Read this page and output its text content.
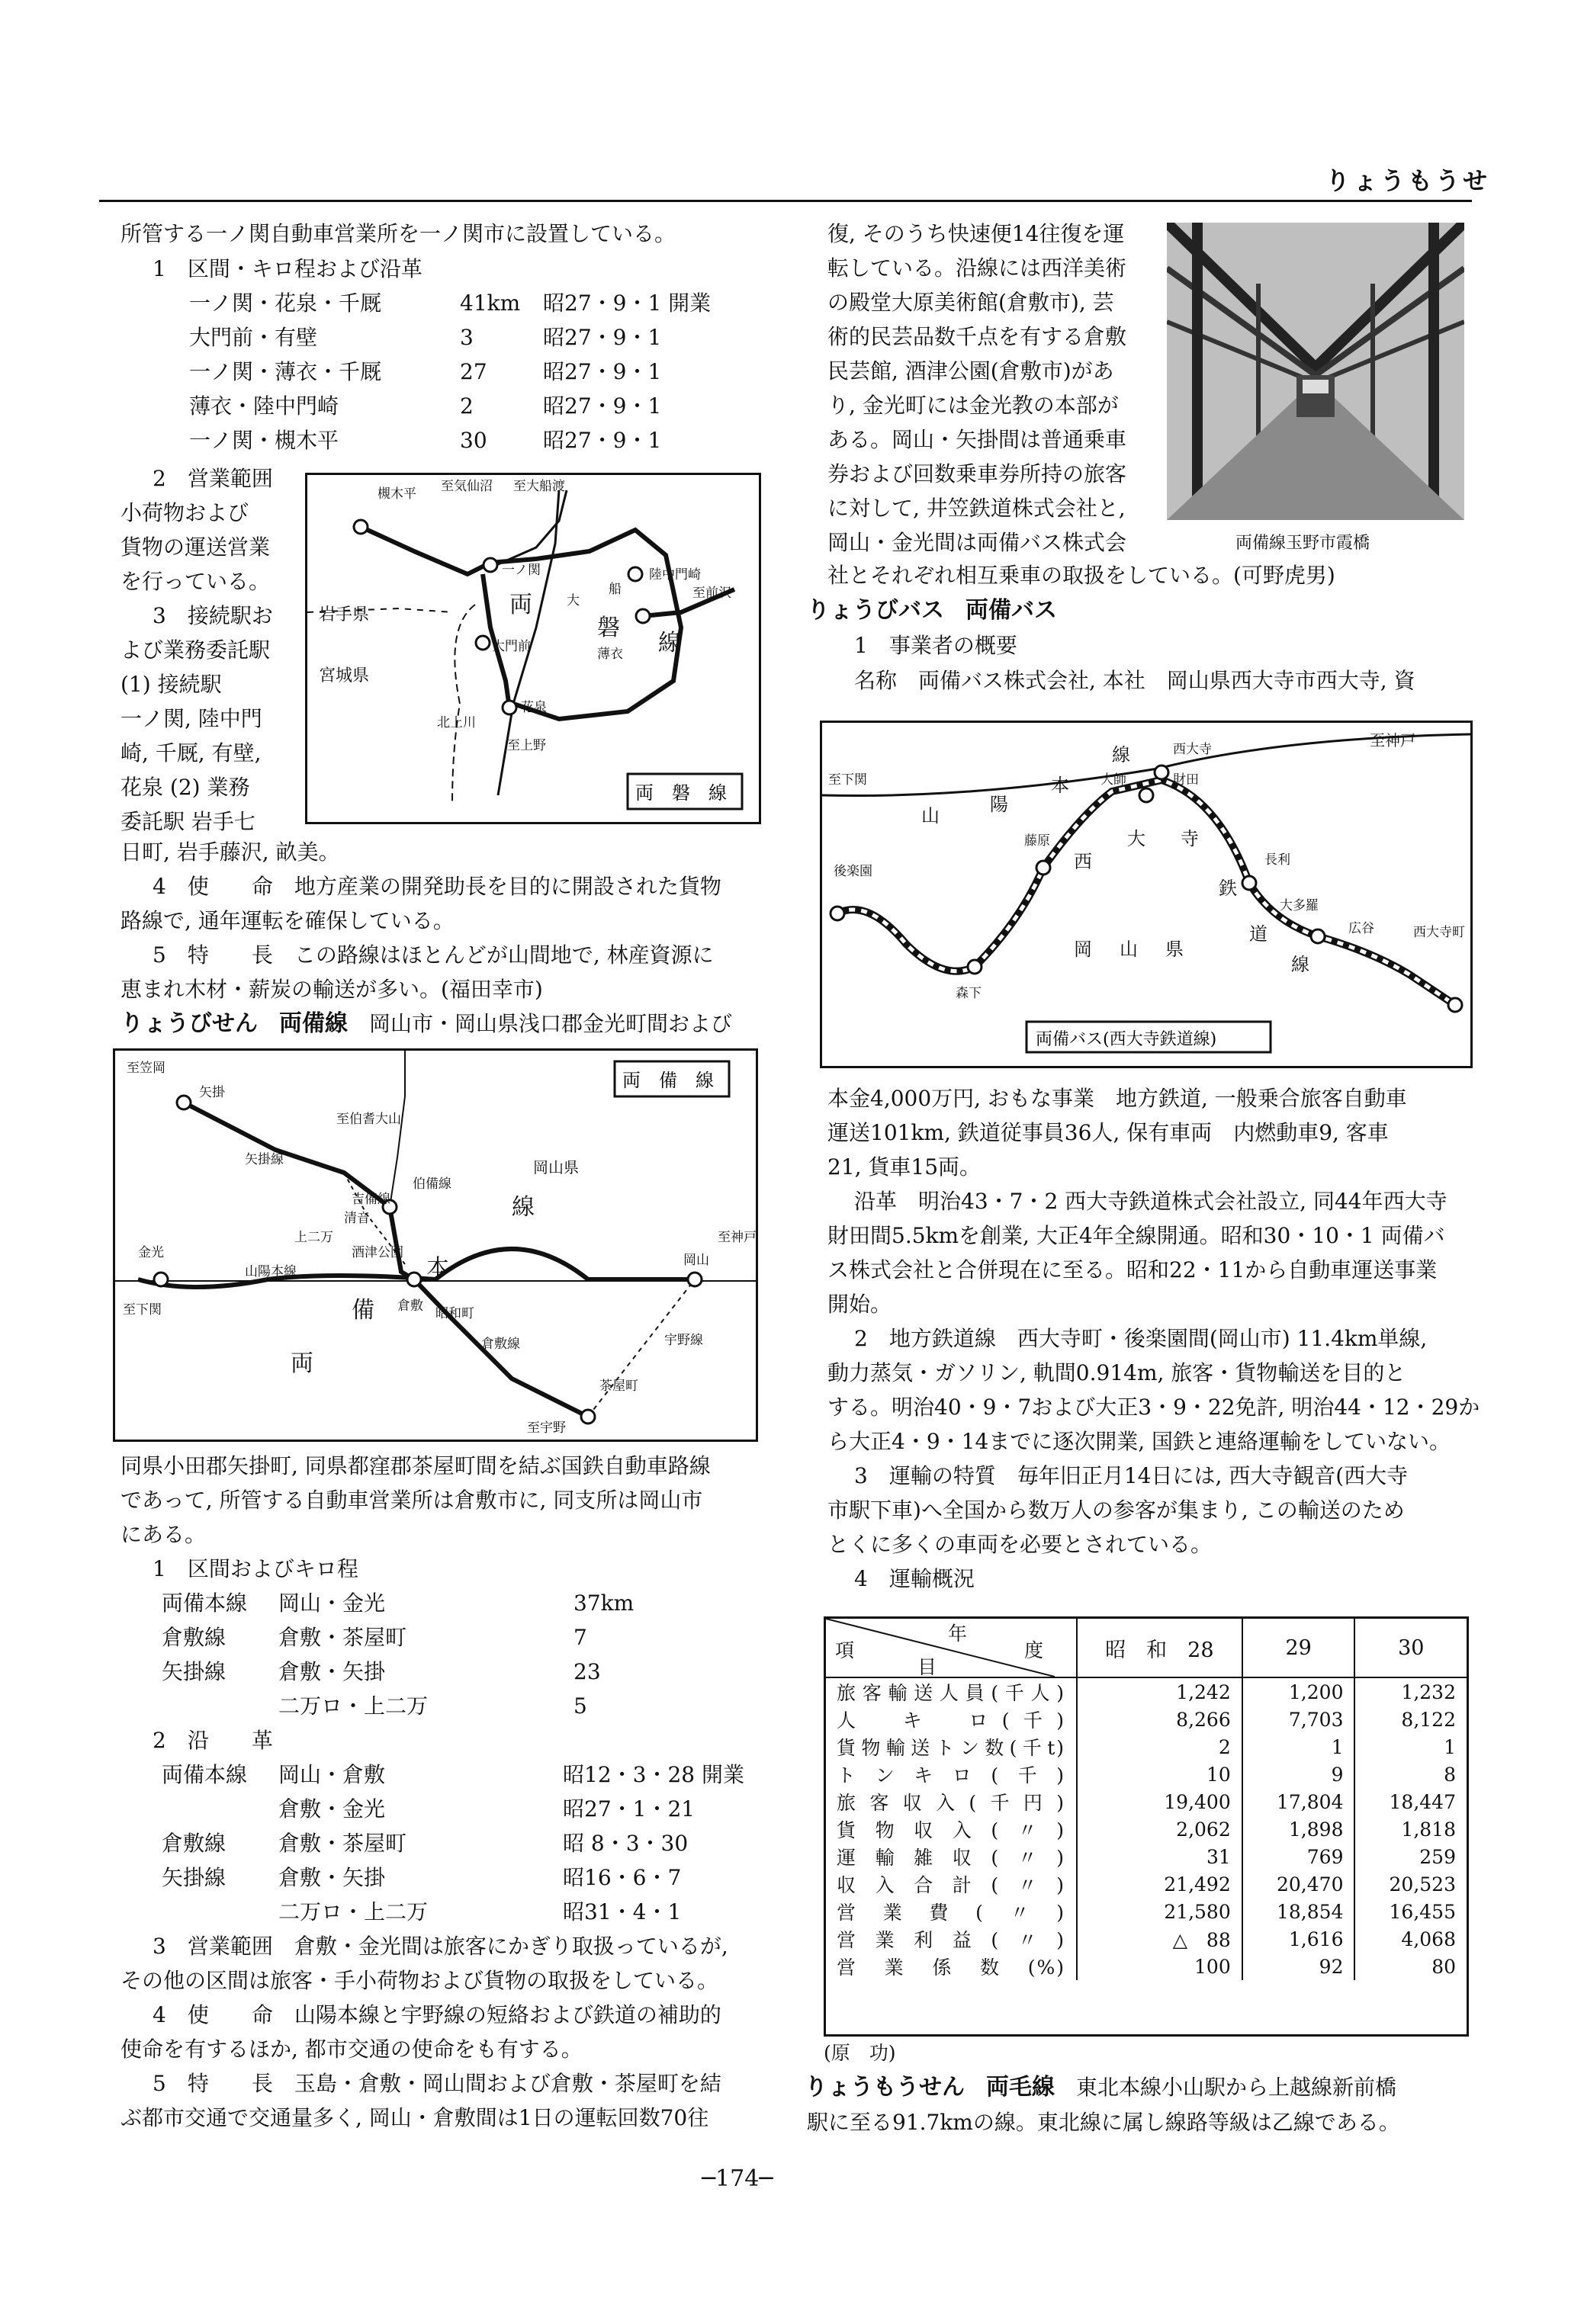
りょうもうせ
所管する一ノ関自動車営業所を一ノ関市に設置している。
1　区間・キロ程および沿革
一ノ関・花泉・千厩	41km 昭27・9・1 開業
大門前・有壁	3	昭27・9・1
一ノ関・薄衣・千厩	27	昭27・9・1
薄衣・陸中門崎	2	昭27・9・1
一ノ関・槻木平	30	昭27・9・1
2　営業範囲
小荷物および
貨物の運送営業
を行っている。
3　接続駅お
よび業務委託駅
(1) 接続駅
一ノ関, 陸中門
崎, 千厩, 有壁,
花泉 (2) 業務
委託駅 岩手七
槻木平 至気仙沼 至大船渡
一ノ関	陸中門崎
大門前
花泉
至上野
至前沢
岩手県
宮城県
北上川
両
磐
線
大
船
薄衣
両　磐　線
日町, 岩手藤沢, 畝美。
4　使　　命　地方産業の開発助長を目的に開設された貨物
路線で, 通年運転を確保している。
5　特　　長　この路線はほとんどが山間地で, 林産資源に
恵まれ木材・薪炭の輸送が多い。(福田幸市)
りょうびせん　 両備線　 岡山市・岡山県浅口郡金光町間および
至笠岡
矢掛
至伯耆大山
矢掛線
吉備線
伯備線
清音
上二万
岡山県
線
岡山
至神戸
金光
山陽本線	本
倉敷
至下関	備
両
昭和町
倉敷線
茶屋町
宇野線
至宇野
酒津公園
両　備　線
同県小田郡矢掛町, 同県都窪郡茶屋町間を結ぶ国鉄自動車路線
であって, 所管する自動車営業所は倉敷市に, 同支所は岡山市
にある。
1　区間およびキロ程
両備本線 岡山・金光	37km
倉敷線 倉敷・茶屋町	7
矢掛線 倉敷・矢掛	23
二万ロ・上二万	5
2　沿　　革
両備本線 岡山・倉敷	昭12・3・28 開業
倉敷・金光	昭27・1・21
倉敷線 倉敷・茶屋町	昭 8・3・30
矢掛線 倉敷・矢掛	昭16・6・7
二万ロ・上二万	昭31・4・1
3　営業範囲　倉敷・金光間は旅客にかぎり取扱っているが,
その他の区間は旅客・手小荷物および貨物の取扱をしている。
4　使　　命　山陽本線と宇野線の短絡および鉄道の補助的
使命を有するほか, 都市交通の使命をも有する。
5　特　　長　玉島・倉敷・岡山間および倉敷・茶屋町を結
ぶ都市交通で交通量多く, 岡山・倉敷間は1日の運転回数70往
復, そのうち快速便14往復を運
転している。沿線には西洋美術
の殿堂大原美術館(倉敷市), 芸
術的民芸品数千点を有する倉敷
民芸館, 酒津公園(倉敷市)があ
り, 金光町には金光教の本部が
ある。岡山・矢掛間は普通乗車
券および回数乗車券所持の旅客
に対して, 井笠鉄道株式会社と,
岡山・金光間は両備バス株式会	両備線玉野市霞橋
社とそれぞれ相互乗車の取扱をしている。(可野虎男)
りょうびバス　 両備バス
1　事業者の概要
名称　両備バス株式会社, 本社　岡山県西大寺市西大寺, 資
至神戸
西大寺
至下関
山
陽
本
線
大師	財田
藤原
西
大 寺
長利
鉄
大多羅
道
後楽園
森下
岡 山 県
広谷
線
西大寺町
両備バス(西大寺鉄道線)
本金4,000万円, おもな事業　地方鉄道, 一般乗合旅客自動車
運送101km, 鉄道従事員36人, 保有車両　内燃動車9, 客車
21, 貨車15両。
沿革　明治43・7・2 西大寺鉄道株式会社設立, 同44年西大寺
財田間5.5kmを創業, 大正4年全線開通。昭和30・10・1 両備バ
ス株式会社と合併現在に至る。昭和22・11から自動車運送事業
開始。
2　地方鉄道線　西大寺町・後楽園間(岡山市) 11.4km単線,
動力蒸気・ガソリン, 軌間0.914m, 旅客・貨物輸送を目的と
する。明治40・9・7および大正3・9・22免許, 明治44・12・29か
ら大正4・9・14までに逐次開業, 国鉄と連絡運輸をしていない。
3　運輸の特質　毎年旧正月14日には, 西大寺観音(西大寺
市駅下車)へ全国から数万人の参客が集まり, この輸送のため
とくに多くの車両を必要とされている。
4　運輸概況
年
度
項
目	昭　和　28	29	30
旅客輸送人員(千人)	1,242	1,200	1,232
人　キ　ロ(千)	8,266	7,703	8,122
貨物輸送トン数(千t)	2	1	1
トンキロ(千)	10	9	8
旅客収入(千円)	19,400	17,804	18,447
貨物収入(〃)	2,062	1,898	1,818
運輸雑収(〃)	31	769	259
収入合計(〃)	21,492	20,470	20,523
営業費(〃)	21,580	18,854	16,455
営業利益(〃)	△　88	1,616	4,068
営業係数(%)	100	92	80
(原　功)
りょうもうせん　 両毛線　 東北本線小山駅から上越線新前橋
駅に至る91.7kmの線。東北線に属し線路等級は乙線である。
─174─
